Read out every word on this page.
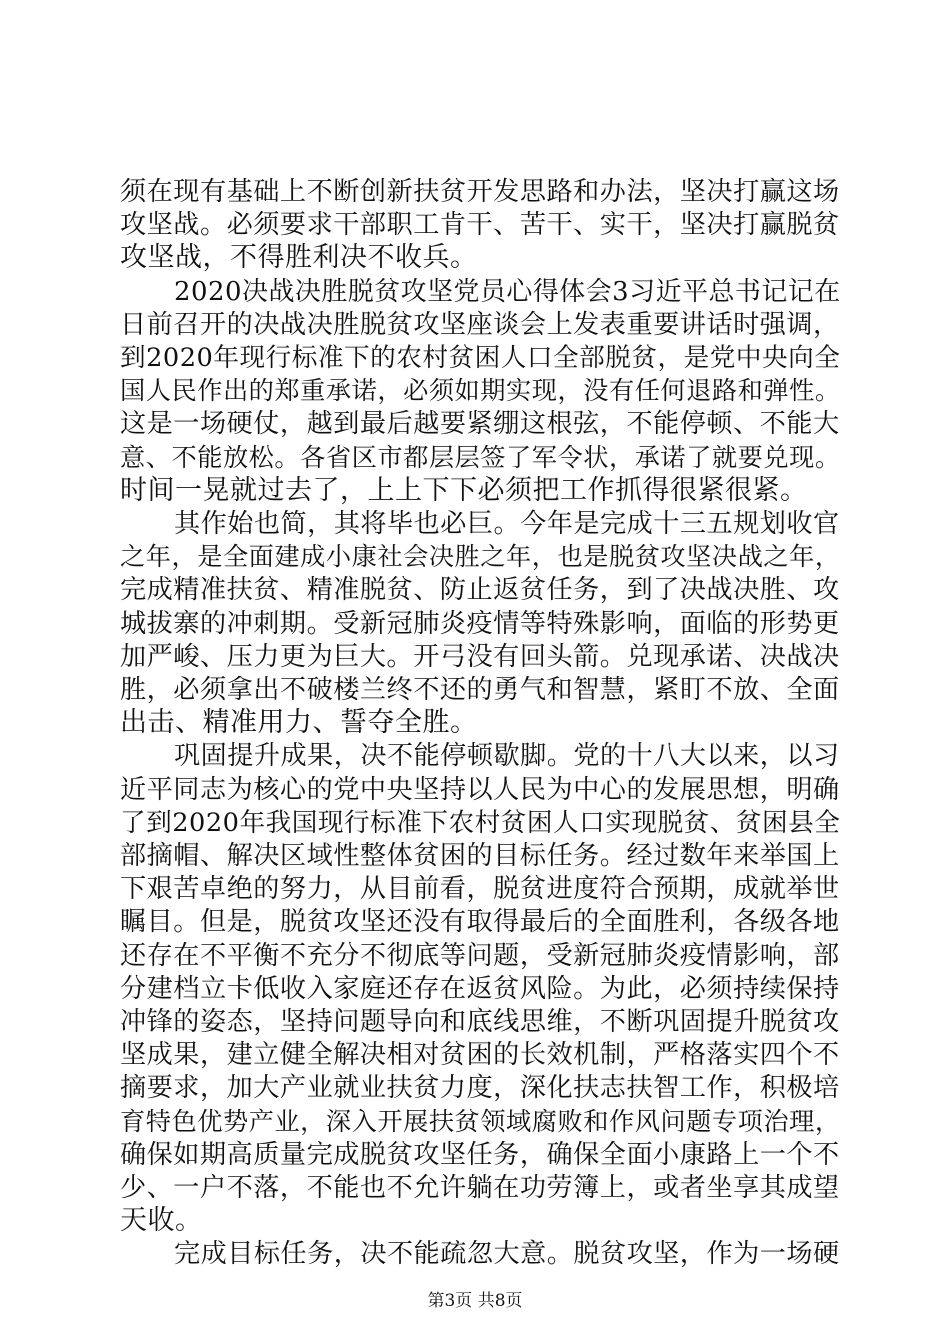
须在现有基础上不断创新扶贫开发思路和办法，坚决打赢这场
攻坚战。必须要求干部职工肯干、苦干、实干，坚决打赢脱贫
攻坚战，不得胜利决不收兵。
2020决战决胜脱贫攻坚党员心得体会3习近平总书记记在
日前召开的决战决胜脱贫攻坚座谈会上发表重要讲话时强调，
到2020年现行标准下的农村贫困人口全部脱贫，是党中央向全
国人民作出的郑重承诺，必须如期实现，没有任何退路和弹性。
这是一场硬仗，越到最后越要紧绷这根弦，不能停顿、不能大
意、不能放松。各省区市都层层签了军令状，承诺了就要兑现。
时间一晃就过去了，上上下下必须把工作抓得很紧很紧。
其作始也简，其将毕也必巨。今年是完成十三五规划收官
之年，是全面建成小康社会决胜之年，也是脱贫攻坚决战之年，
完成精准扶贫、精准脱贫、防止返贫任务，到了决战决胜、攻
城拔寨的冲刺期。受新冠肺炎疫情等特殊影响，面临的形势更
加严峻、压力更为巨大。开弓没有回头箭。兑现承诺、决战决
胜，必须拿出不破楼兰终不还的勇气和智慧，紧盯不放、全面
出击、精准用力、誓夺全胜。
巩固提升成果，决不能停顿歇脚。党的十八大以来，以习
近平同志为核心的党中央坚持以人民为中心的发展思想，明确
了到2020年我国现行标准下农村贫困人口实现脱贫、贫困县全
部摘帽、解决区域性整体贫困的目标任务。经过数年来举国上
下艰苦卓绝的努力，从目前看，脱贫进度符合预期，成就举世
瞩目。但是，脱贫攻坚还没有取得最后的全面胜利，各级各地
还存在不平衡不充分不彻底等问题，受新冠肺炎疫情影响，部
分建档立卡低收入家庭还存在返贫风险。为此，必须持续保持
冲锋的姿态，坚持问题导向和底线思维，不断巩固提升脱贫攻
坚成果，建立健全解决相对贫困的长效机制，严格落实四个不
摘要求，加大产业就业扶贫力度，深化扶志扶智工作，积极培
育特色优势产业，深入开展扶贫领域腐败和作风问题专项治理，
确保如期高质量完成脱贫攻坚任务，确保全面小康路上一个不
少、一户不落，不能也不允许躺在功劳簿上，或者坐享其成望
天收。
完成目标任务，决不能疏忽大意。脱贫攻坚，作为一场硬
第3页 共8页
